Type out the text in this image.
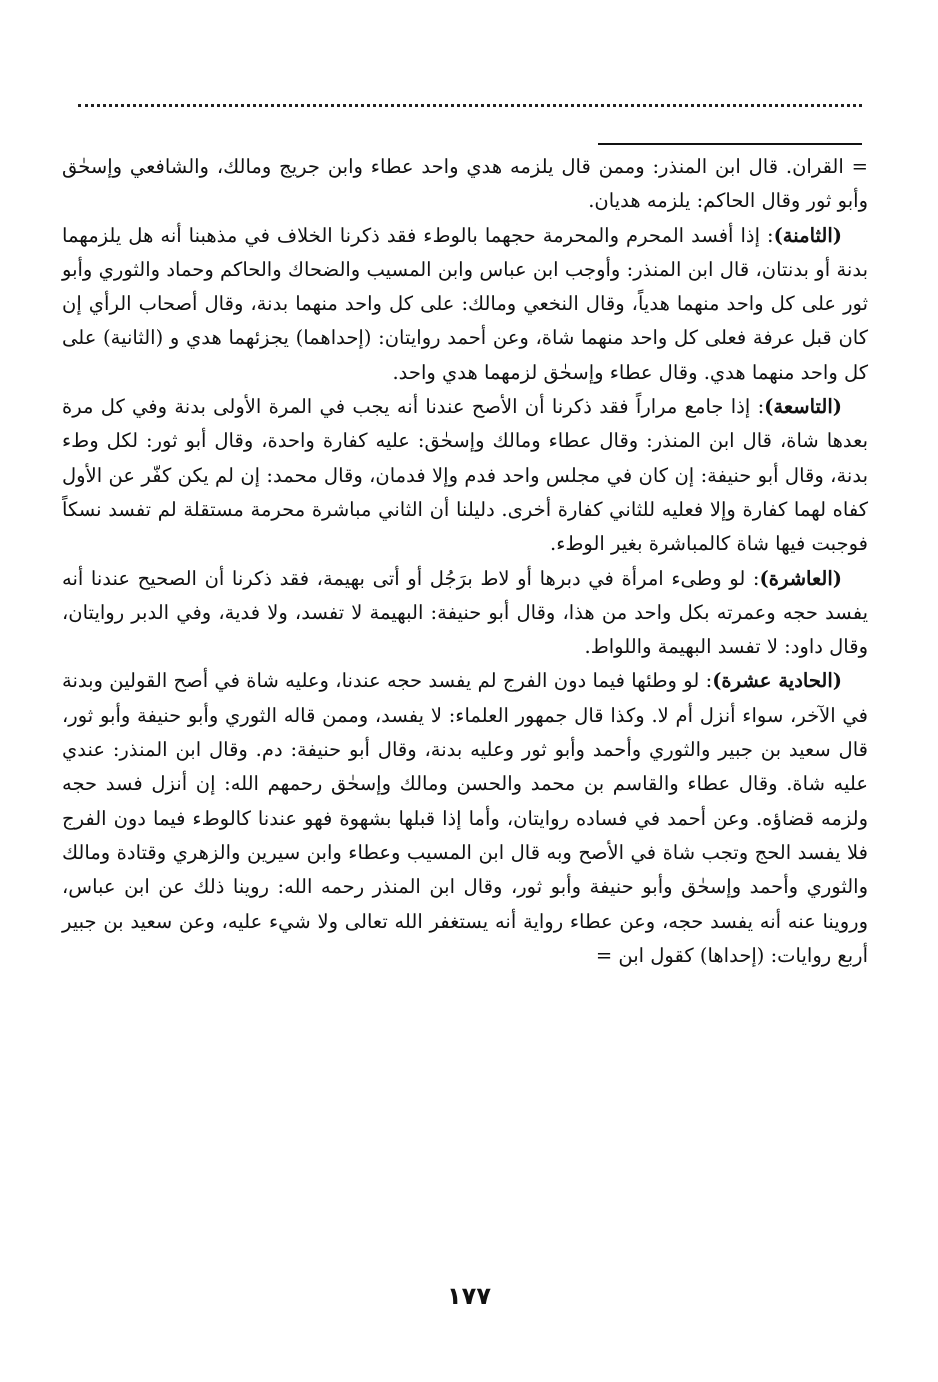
= القران. قال ابن المنذر: وممن قال يلزمه هدي واحد عطاء وابن جريج ومالك، والشافعي وإسحٰق وأبو ثور وقال الحاكم: يلزمه هديان.

(الثامنة): إذا أفسد المحرم والمحرمة حجهما بالوطء فقد ذكرنا الخلاف في مذهبنا أنه هل يلزمهما بدنة أو بدنتان، قال ابن المنذر: وأوجب ابن عباس وابن المسيب والضحاك والحاكم وحماد والثوري وأبو ثور على كل واحد منهما هدياً، وقال النخعي ومالك: على كل واحد منهما بدنة، وقال أصحاب الرأي إن كان قبل عرفة فعلى كل واحد منهما شاة، وعن أحمد روايتان: (إحداهما) يجزئهما هدي و (الثانية) على كل واحد منهما هدي. وقال عطاء وإسحٰق لزمهما هدي واحد.

(التاسعة): إذا جامع مراراً فقد ذكرنا أن الأصح عندنا أنه يجب في المرة الأولى بدنة وفي كل مرة بعدها شاة، قال ابن المنذر: وقال عطاء ومالك وإسحٰق: عليه كفارة واحدة، وقال أبو ثور: لكل وطء بدنة، وقال أبو حنيفة: إن كان في مجلس واحد فدم وإلا فدمان، وقال محمد: إن لم يكن كفّر عن الأول كفاه لهما كفارة وإلا فعليه للثاني كفارة أخرى. دليلنا أن الثاني مباشرة محرمة مستقلة لم تفسد نسكاً فوجبت فيها شاة كالمباشرة بغير الوطء.

(العاشرة): لو وطىء امرأة في دبرها أو لاط برَجُل أو أتى بهيمة، فقد ذكرنا أن الصحيح عندنا أنه يفسد حجه وعمرته بكل واحد من هذا، وقال أبو حنيفة: البهيمة لا تفسد، ولا فدية، وفي الدبر روايتان، وقال داود: لا تفسد البهيمة واللواط.

(الحادية عشرة): لو وطئها فيما دون الفرج لم يفسد حجه عندنا، وعليه شاة في أصح القولين وبدنة في الآخر، سواء أنزل أم لا. وكذا قال جمهور العلماء: لا يفسد، وممن قاله الثوري وأبو حنيفة وأبو ثور، قال سعيد بن جبير والثوري وأحمد وأبو ثور وعليه بدنة، وقال أبو حنيفة: دم. وقال ابن المنذر: عندي عليه شاة. وقال عطاء والقاسم بن محمد والحسن ومالك وإسحٰق رحمهم الله: إن أنزل فسد حجه ولزمه قضاؤه. وعن أحمد في فساده روايتان، وأما إذا قبلها بشهوة فهو عندنا كالوطء فيما دون الفرج فلا يفسد الحج وتجب شاة في الأصح وبه قال ابن المسيب وعطاء وابن سيرين والزهري وقتادة ومالك والثوري وأحمد وإسحٰق وأبو حنيفة وأبو ثور، وقال ابن المنذر رحمه الله: روينا ذلك عن ابن عباس، وروينا عنه أنه يفسد حجه، وعن عطاء رواية أنه يستغفر الله تعالى ولا شيء عليه، وعن سعيد بن جبير أربع روايات: (إحداها) كقول ابن =

١٧٧
